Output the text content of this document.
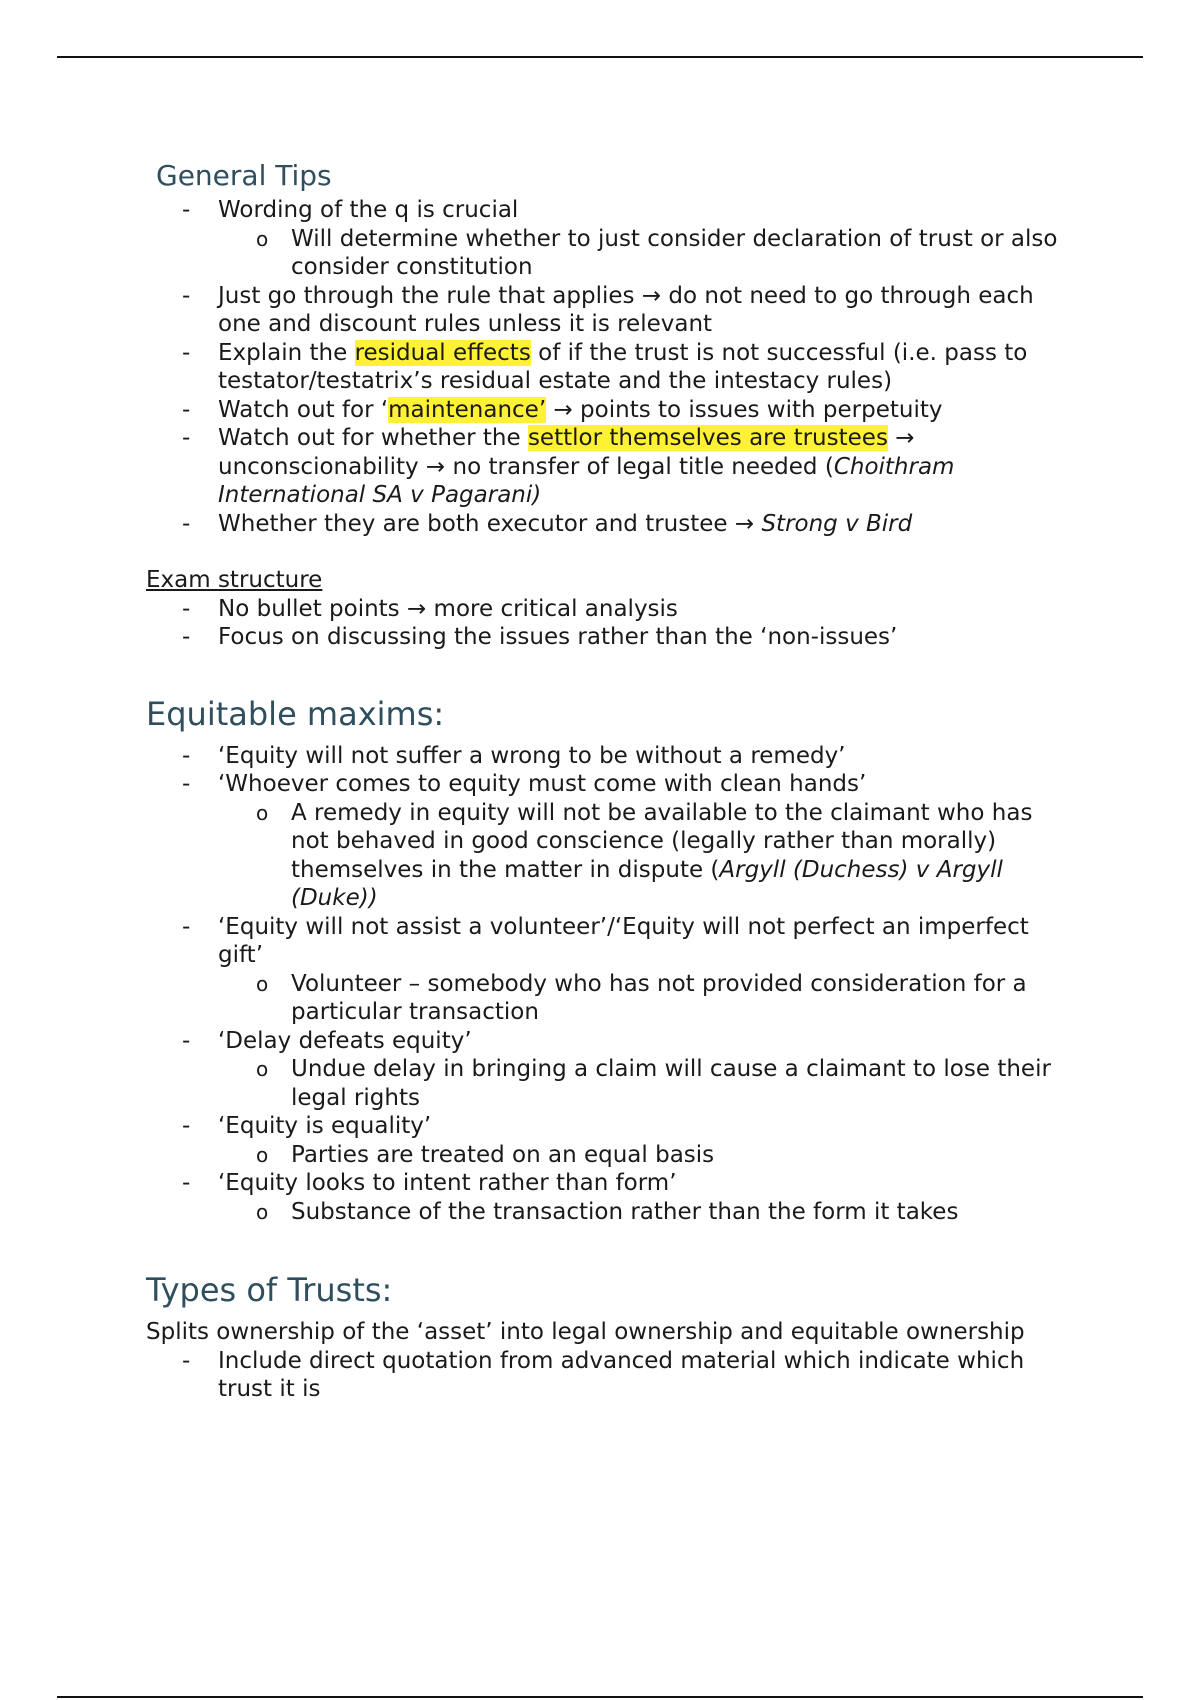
General Tips
- Wording of the q is crucial
o Will determine whether to just consider declaration of trust or also consider constitution
- Just go through the rule that applies → do not need to go through each one and discount rules unless it is relevant
- Explain the residual effects of if the trust is not successful (i.e. pass to testator/testatrix’s residual estate and the intestacy rules)
- Watch out for ‘maintenance’ → points to issues with perpetuity
- Watch out for whether the settlor themselves are trustees → unconscionability → no transfer of legal title needed (Choithram International SA v Pagarani)
- Whether they are both executor and trustee → Strong v Bird

Exam structure

- No bullet points → more critical analysis
- Focus on discussing the issues rather than the ‘non-issues’
Equitable maxims:
- ‘Equity will not suffer a wrong to be without a remedy’
- ‘Whoever comes to equity must come with clean hands’
o A remedy in equity will not be available to the claimant who has not behaved in good conscience (legally rather than morally) themselves in the matter in dispute (Argyll (Duchess) v Argyll (Duke))
- ‘Equity will not assist a volunteer’/‘Equity will not perfect an imperfect gift’
o Volunteer – somebody who has not provided consideration for a particular transaction
- ‘Delay defeats equity’
o Undue delay in bringing a claim will cause a claimant to lose their legal rights
- ‘Equity is equality’
o Parties are treated on an equal basis
- ‘Equity looks to intent rather than form’
o Substance of the transaction rather than the form it takes
Types of Trusts:

Splits ownership of the ‘asset’ into legal ownership and equitable ownership

- Include direct quotation from advanced material which indicate which trust it is
